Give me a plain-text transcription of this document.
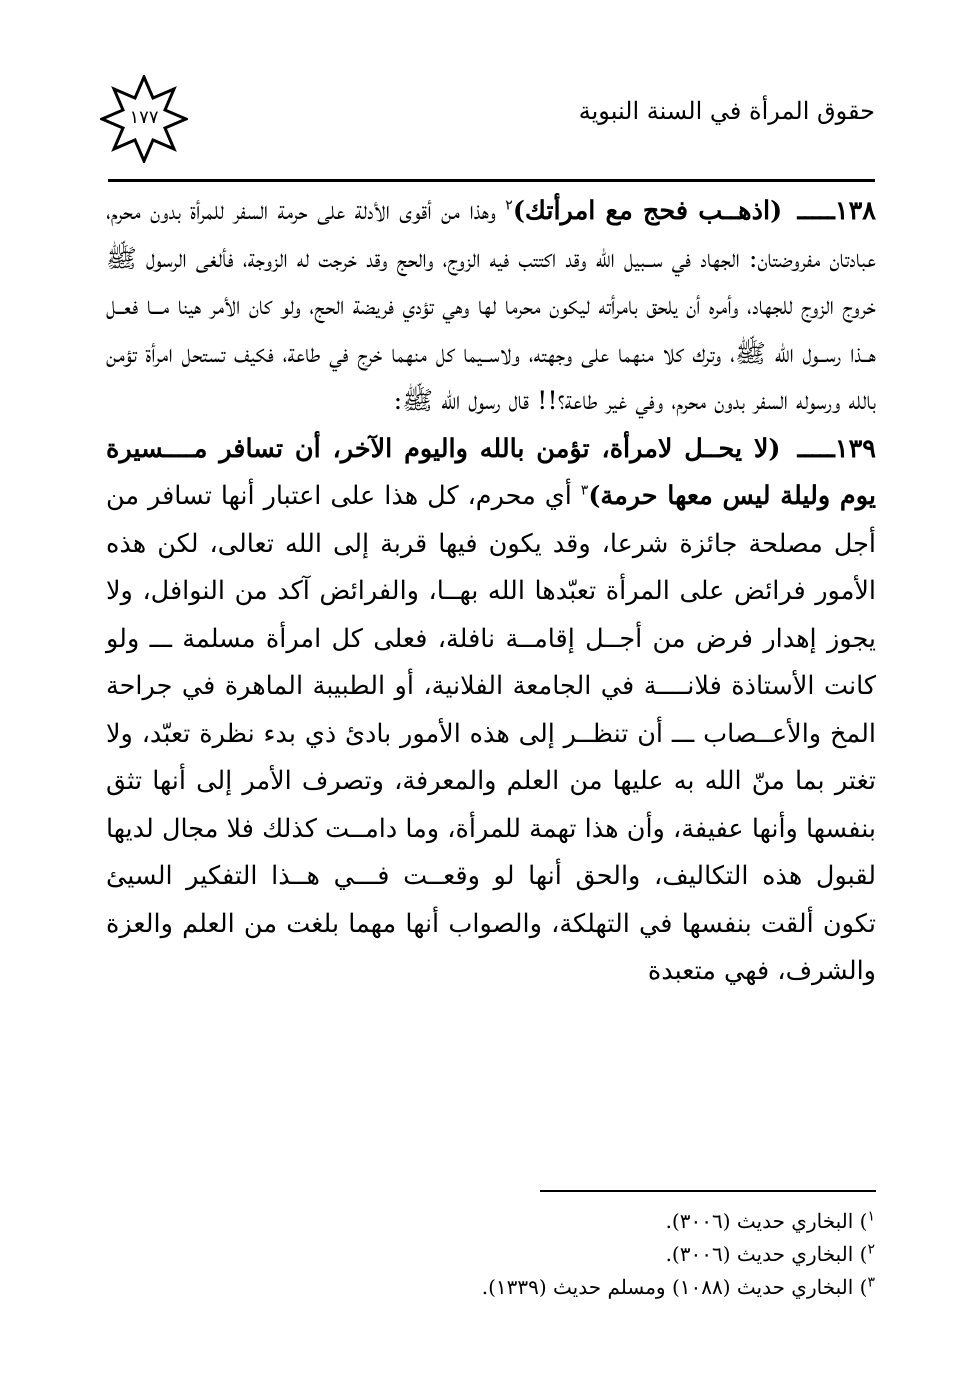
١٧٧	حقوق المرأة في السنة النبوية

١٣٨ـــــ (اذهــب فحج مع امرأتك)$^٢$ وهذا من أقوى الأدلة على حرمة السفر للمرأة بدون محرم، عبادتان مفروضتان: الجهاد في ســبيل الله وقد اكتتب فيه الزوج، والحج وقد خرجت له الزوجة، فألغى الرسول ﷺ خروج الزوج للجهاد، وأمره أن يلحق بامرأته ليكون محرما لها وهي تؤدي فريضة الحج، ولو كان الأمر هينا مـــا فعــل هــذا رســول الله ﷺ، وترك كلا منهما على وجهته، ولاســيما كل منهما خرج في طاعة، فكيف تستحل امرأة تؤمن بالله ورسوله السفر بدون محرم، وفي غير طاعة؟!! قال رسول الله ﷺ:

١٣٩ـــــ (لا يحــل لامرأة، تؤمن بالله واليوم الآخر، أن تسافر مــــسيرة يوم وليلة ليس معها حرمة)$^٣$ أي محرم، كل هذا على اعتبار أنها تسافر من أجل مصلحة جائزة شرعا، وقد يكون فيها قربة إلى الله تعالى، لكن هذه الأمور فرائض على المرأة تعبّدها الله بهــا، والفرائض آكد من النوافل، ولا يجوز إهدار فرض من أجــل إقامــة نافلة، فعلى كل امرأة مسلمة ـــ ولو كانت الأستاذة فلانــــة في الجامعة الفلانية، أو الطبيبة الماهرة في جراحة المخ والأعــصاب ـــ أن تنظــر إلى هذه الأمور بادئ ذي بدء نظرة تعبّد، ولا تغتر بما منّ الله به عليها من العلم والمعرفة، وتصرف الأمر إلى أنها تثق بنفسها وأنها عفيفة، وأن هذا تهمة للمرأة، وما دامــت كذلك فلا مجال لديها لقبول هذه التكاليف، والحق أنها لو وقعــت فـــي هــذا التفكير السيئ تكون ألقت بنفسها في التهلكة، والصواب أنها مهما بلغت من العلم والعزة والشرف، فهي متعبدة

$^١$) البخاري حديث (٣٠٠٦).

$^٢$) البخاري حديث (٣٠٠٦).

$^٣$) البخاري حديث (١٠٨٨) ومسلم حديث (١٣٣٩).
